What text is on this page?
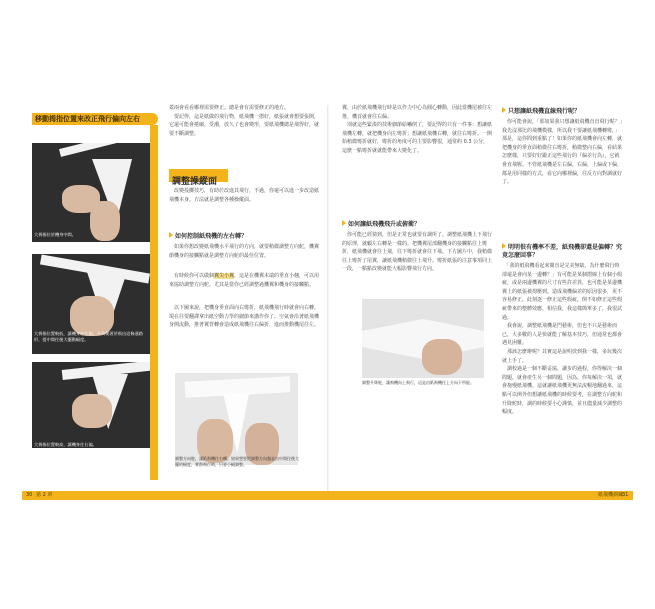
移動拇指位置來改正飛行偏向左右
大拇指位於機身中間。
大拇指位置較低，讓機身往左偏，升為朝著於飛出這條通路形，提中間往後大擺動幅度。
大拇指位置較高，讓機身往右偏。
蓋兩會看看哪裡需要修正。總是會有需要修正的地方。
　要記得，這是紙做的飛行物，紙飛機一摺好，紙張就會想要張開，它還可能會捲縮、受潮，放久了也會變形，要紙飛機總是飛得好，就要不斷調整。
調整操縱面
　改變投擲技巧，有助於改進其飛行，不過，你還可以進一步改造紙飛機本身。方法就是調整各種操縱面。
如何控制紙飛機的左右轉？
　如果你想改變紙飛機水平飛行的方向，就要稍微調整方向舵，機翼節機身的接觸點就是調整方向舵的最佳位置。
　有時候你可以做個翼尖小翼，這是在機翼末端的垂直小翹，可以用來協助調整方向舵。尤其是當你已經調整過機翼和機身的接觸點。
　以下圖來說，把機身垂直面向右彎折，紙飛機飛行時就會向右轉。現在往要翻譯拿出紙空動力學的細節來講作你了。空氣會沿著紙飛機身開流動，推著翼背轉會造成紙飛機往右偏折，進而推動機尾往左。
調整方向舵，讓紙飛機往右轉。如果想要把調整方向盤是由中間往後大擺的幅度，實際飛行時，只要小幅調整。
翼，由於紙飛機飛行時是以作力中心為圓心轉動，因此當機尾被往左推，機首就會往右偏。
　別就這些緊湊的技術細節給嚇倒了，要記得的只有一件事：想讓紙飛機左轉，就把機身向左彎折；想讓紙飛機右轉，就往右彎折。一開始稍微彎折就好，彎折的角度可的主要影響很，通常約 0.3 公分，這麼一點彎折就就能帶來大變化了。
如何讓紙飛機飛升或俯衝？
　你可能已經猜到，但是正常也就要有調所了。調整紙飛機上下飛行的原理，就顧左右轉是一樣的。把機翼尾部翻機身的接觸點往上彎折，紙飛機就會往上飛，往下彎折就會往下飛。下方圖片中，我稍微往上彎折了尾翼，讓紙飛機稍微往上飛升。彎折紙張的注意事項同上一段，一點點改變就能大幅影響飛行方向。
調整升降舵，讓飛機向上飛行，這是由紙飛機往上方向下所能。
只想讓紙飛機直線飛行呢？
　你可能會說，「那如果我只想讓紙飛機直直飛行呢？」我先沒那比的飛機模樣，所以我干要讓紙飛機轉彎，」那是，這你問到重點了！如果你的紙飛機會向左轉，就把機身的垂直面稍微往右彎折，稍微整向右偏，看結果怎麼樣，只要好好鍛正這些飛行的『偏差行為』，它就會直飛喔。不管紙飛機是左右偏，右偏，上偏或下偏，都是用同樣的方式，看它向哪裡偏，往反方向對調就好了。
明明很有機率不差，紙飛機卻還是偏轉？究竟怎麼回事？
　「我的紙飛機看起來簡直是完美無缺，為什麼飛行時卻還是會向某一邊轉？」有可能是某個摺線上有個小瑕疵，或是兩邊機翼的尺寸有些許差異，也可能是某邊機翼上的紙張被拇壓到。造成飛機偏差的原因很多，更不容易修正。此刻逐一修正這些瑕疵，倒不如修正這些瑕疵帶來的整體效應，相信我，我這樣簡單多了，我很試過。
　我會說，調整紙飛機是門藝術，但也不只是藝術而已，大多數的人是快就能了解基本技巧，但通常也都會遇見困難。
　那該怎麼辦呢？其實這是說明放到我一樣，多玩幾次就上手了。
　調校過是一個不斷妥協、讓步的過程，你得解決一個問題，就會產生另一個問題，因為，你每解決一項，就會拖慢紙飛機。這就讓紙飛機更無法流暢地翻過來，這點可以例外但想讓紙飛機的時候要考，在調整方向舵和升降舵時，調的時候要小心謹慎，並且儘量減少調整的幅度。
30 第 2 章	紙飛機訓練
31
